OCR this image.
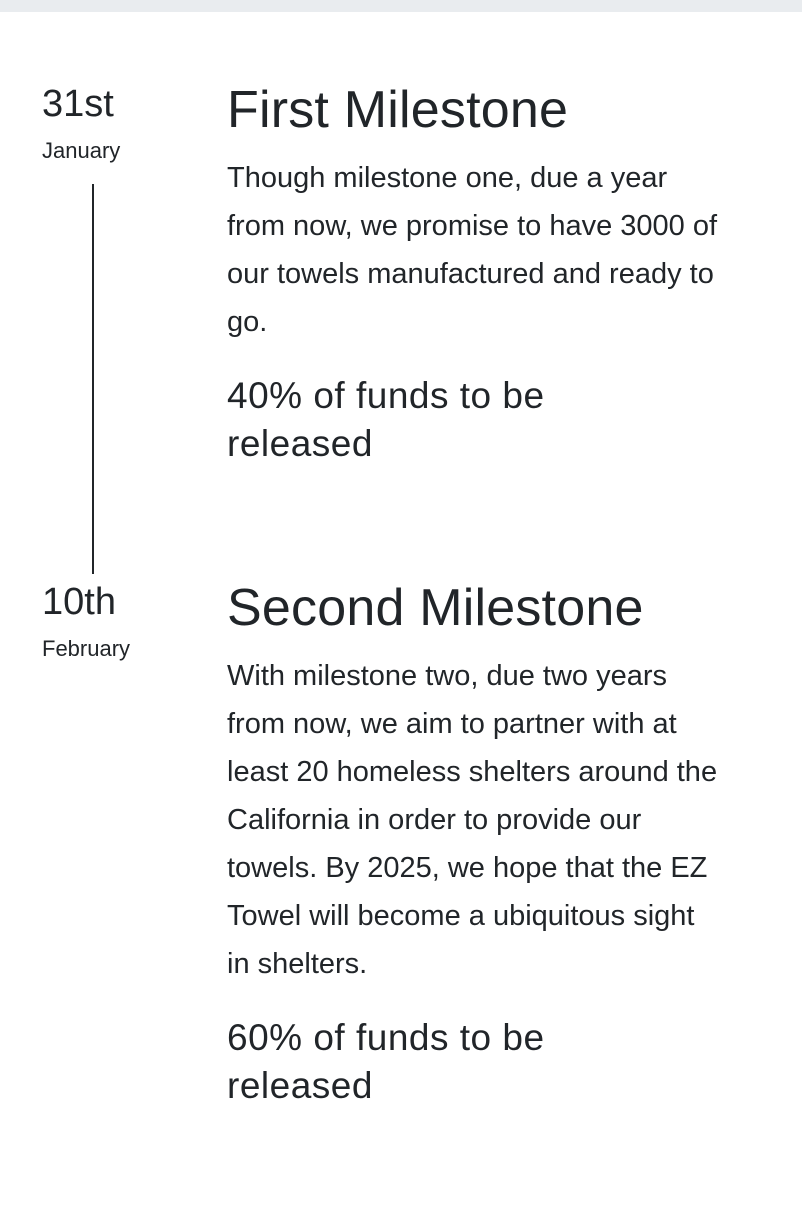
31st
January
First Milestone

Though milestone one, due a year from now, we promise to have 3000 of our towels manufactured and ready to go.

40% of funds to be released
10th
February
Second Milestone

With milestone two, due two years from now, we aim to partner with at least 20 homeless shelters around the California in order to provide our towels. By 2025, we hope that the EZ Towel will become a ubiquitous sight in shelters.

60% of funds to be released
